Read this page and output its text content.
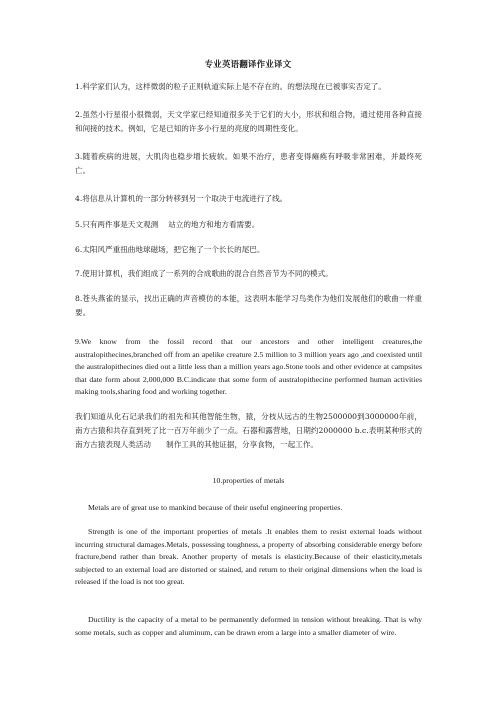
专业英语翻译作业译文
1.科学家们认为，这样微弱的粒子正则轨道实际上是不存在的。的想法现在已被事实否定了。
2.虽然小行星很小很微弱，天文学家已经知道很多关于它们的大小，形状和组合物，通过使用各种直接和间接的技术。例如，它是已知的许多小行星的亮度的周期性变化。
3.随着疾病的进展，大肌肉也稳步增长疲软。如果不治疗，患者变得瘫痪有呼吸非常困难，并最终死亡。
4.将信息从计算机的一部分转移到另一个取决于电流进行了线。
5.只有两件事是天文观测　 站立的地方和地方看需要。
6.太阳风严重扭曲地球磁场，把它拖了一个长长的尾巴。
7.使用计算机，我们组成了一系列的合成歌曲的混合自然音节为不同的模式。
8.苍头燕雀的显示，找出正确的声音模仿的本能，这表明本能学习鸟类作为他们发展他们的歌曲一样重要。
9.We know from the fossil record that our ancestors and other intelligent creatures,the australopithecines,branched off from an apelike creature 2.5 million to 3 million years ago ,and coexisted until the australopithecines died out a little less than a million years ago.Stone tools and other evidence at campsites that date form about 2,000,000 B.C.indicate that some form of australopithecine performed human activities　　 making tools,sharing food and working together.
我们知道从化石记录我们的祖先和其他智能生物，猿，分枝从远古的生物2500000到3000000年前，南方古猿和共存直到死了比一百万年前少了一点。石器和露营地，日期约2000000 b.c.表明某种形式的南方古猿表现人类活动　　制作工具的其他证据，分享食物，一起工作。
10.properties of metals
Metals are of great use to mankind because of their useful engineering properties.
Strength is one of the important properties of metals .It enables them to resist external loads without incurring structural damages.Metals, possessing toughness, a property of absorbing considerable energy before fracture,bend rather than break. Another property of metals is elasticity.Because of their elasticity,metals subjected to an external load are distorted or stained, and return to their original dimensions when the load is released if the load is not too great.
Ductility is the capacity of a metal to be permanently deformed in tension without breaking. That is why some metals, such as copper and aluminum, can be drawn erom a large into a smaller diameter of wire.
